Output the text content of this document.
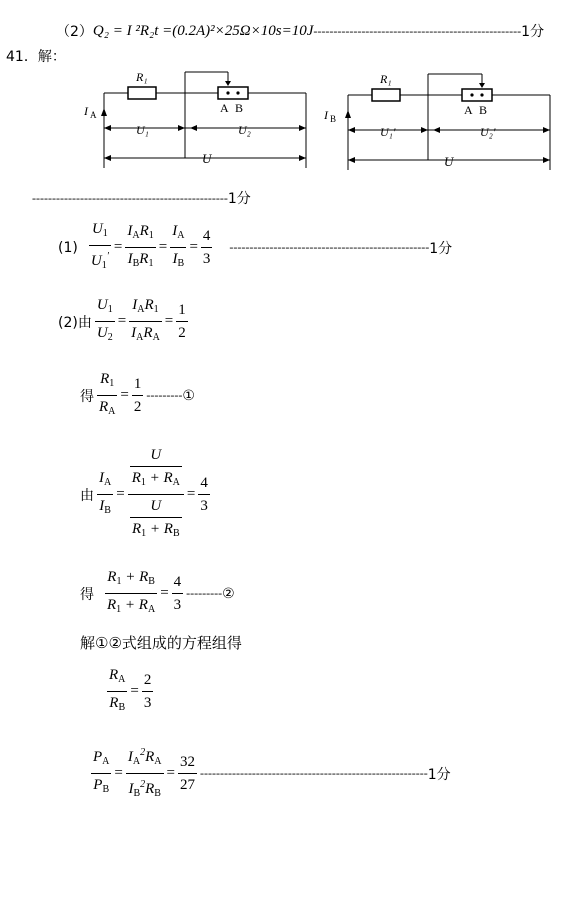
（2） Q₂ = I ²R₂t =(0.2A)²×25Ω×10s=10J ---------------------------------------------------- 1分
41．解：
R₁
I A
U₁	U₂
U
A B
R₁
I B
U₁′	U₂′
U
A B
------------------------------------------------- 1分
$(1) \frac{U_1}{U_1'} = \frac{I_AR_1}{I_BR_1} = \frac{I_A}{I_B} = \frac{4}{3}$ -------------------------------------------------- 1分
(2)由 $\frac{U_1}{U_2} = \frac{I_AR_1}{I_AR_A} = \frac{1}{2}$
得 $\frac{R_1}{R_A} = \frac{1}{2}$ --------- ①
由 $\frac{I_A}{I_B} = \frac{\frac{U}{R_1 + R_A}}{\frac{U}{R_1 + R_B}} = \frac{4}{3}$
得 $\frac{R_1 + R_B}{R_1 + R_A} = \frac{4}{3}$ --------- ②
解①②式组成的方程组得
$\frac{R_A}{R_B} = \frac{2}{3}$
$\frac{P_A}{P_B} = \frac{I_A^2R_A}{I_B^2R_B} = \frac{32}{27}$ --------------------------------------------------------- 1分
